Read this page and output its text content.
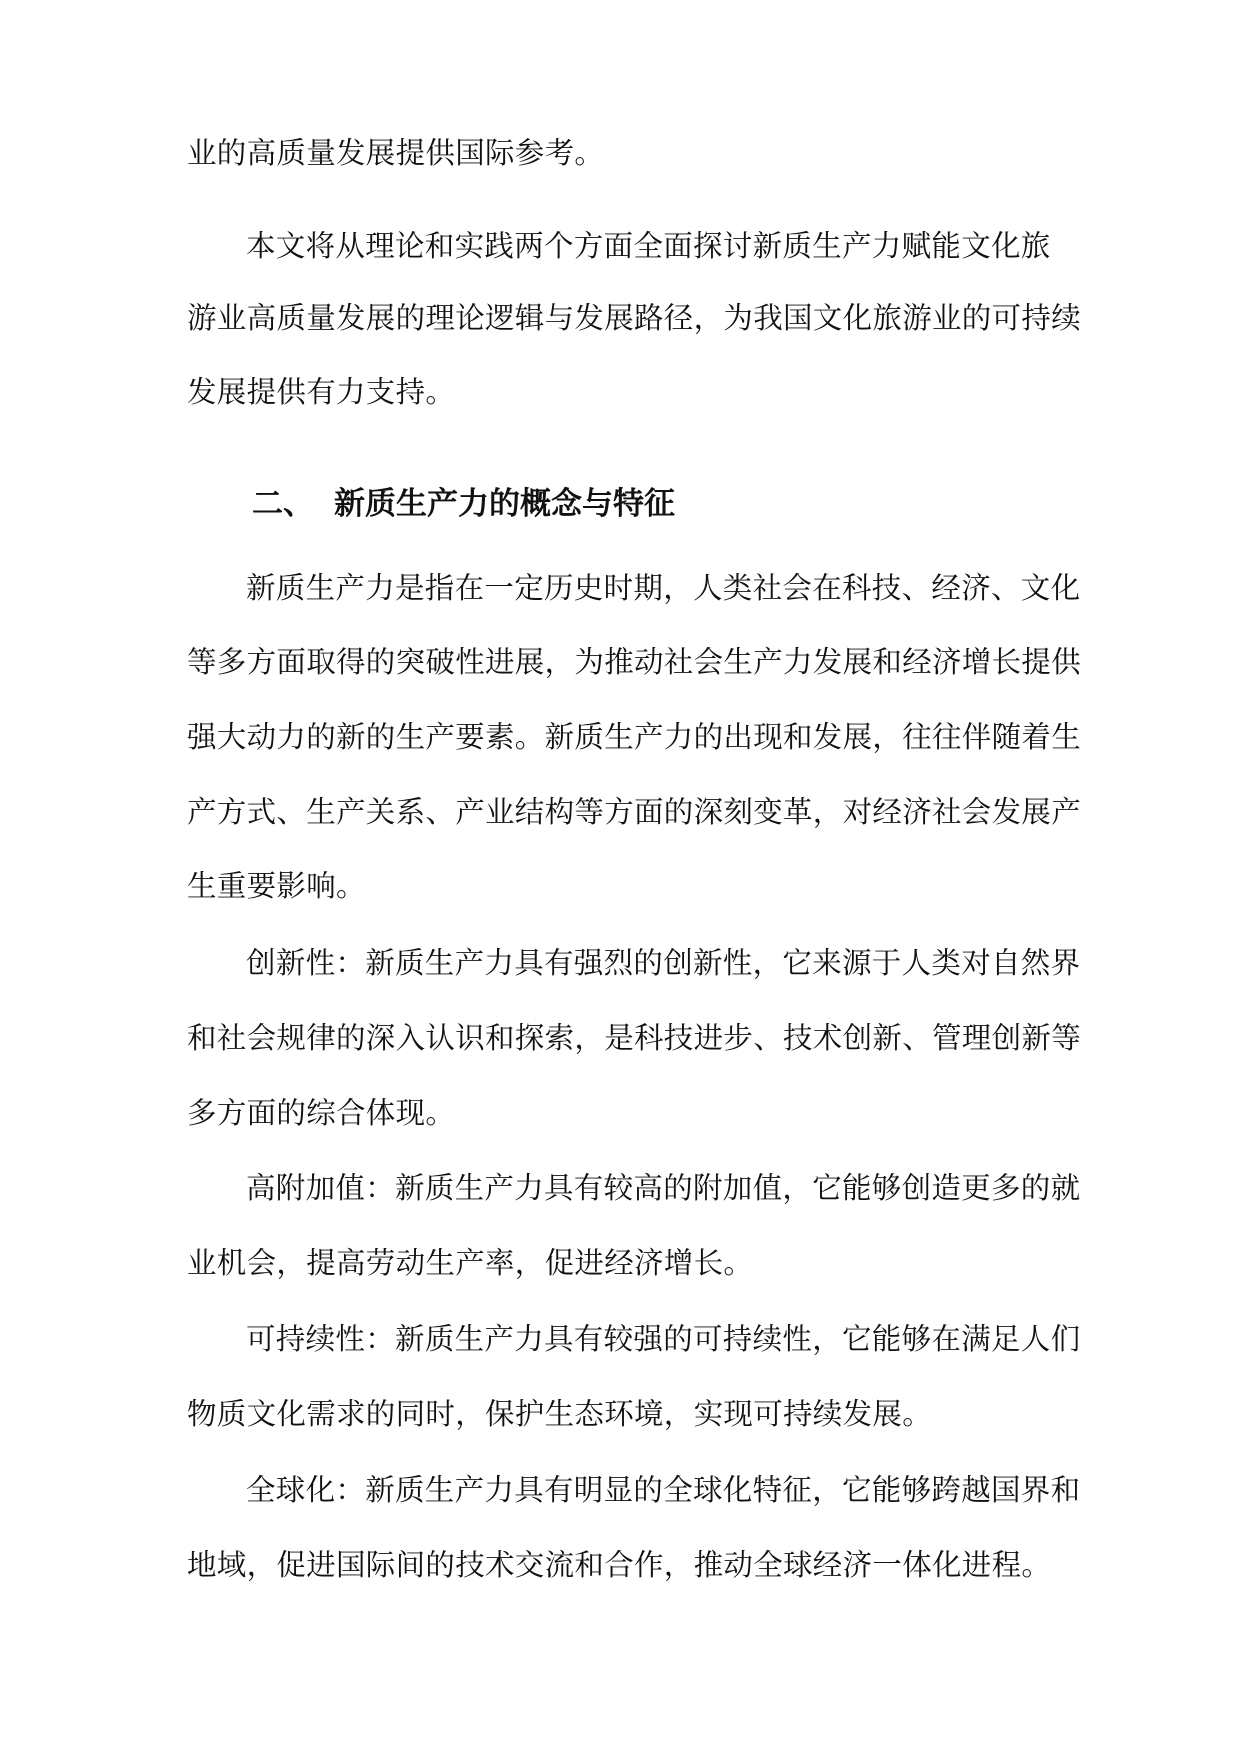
业的高质量发展提供国际参考。
本文将从理论和实践两个方面全面探讨新质生产力赋能文化旅
游业高质量发展的理论逻辑与发展路径，为我国文化旅游业的可持续
发展提供有力支持。
二、 新质生产力的概念与特征
新质生产力是指在一定历史时期，人类社会在科技、经济、文化
等多方面取得的突破性进展，为推动社会生产力发展和经济增长提供
强大动力的新的生产要素。新质生产力的出现和发展，往往伴随着生
产方式、生产关系、产业结构等方面的深刻变革，对经济社会发展产
生重要影响。
创新性：新质生产力具有强烈的创新性，它来源于人类对自然界
和社会规律的深入认识和探索，是科技进步、技术创新、管理创新等
多方面的综合体现。
高附加值：新质生产力具有较高的附加值，它能够创造更多的就
业机会，提高劳动生产率，促进经济增长。
可持续性：新质生产力具有较强的可持续性，它能够在满足人们
物质文化需求的同时，保护生态环境，实现可持续发展。
全球化：新质生产力具有明显的全球化特征，它能够跨越国界和
地域，促进国际间的技术交流和合作，推动全球经济一体化进程。
